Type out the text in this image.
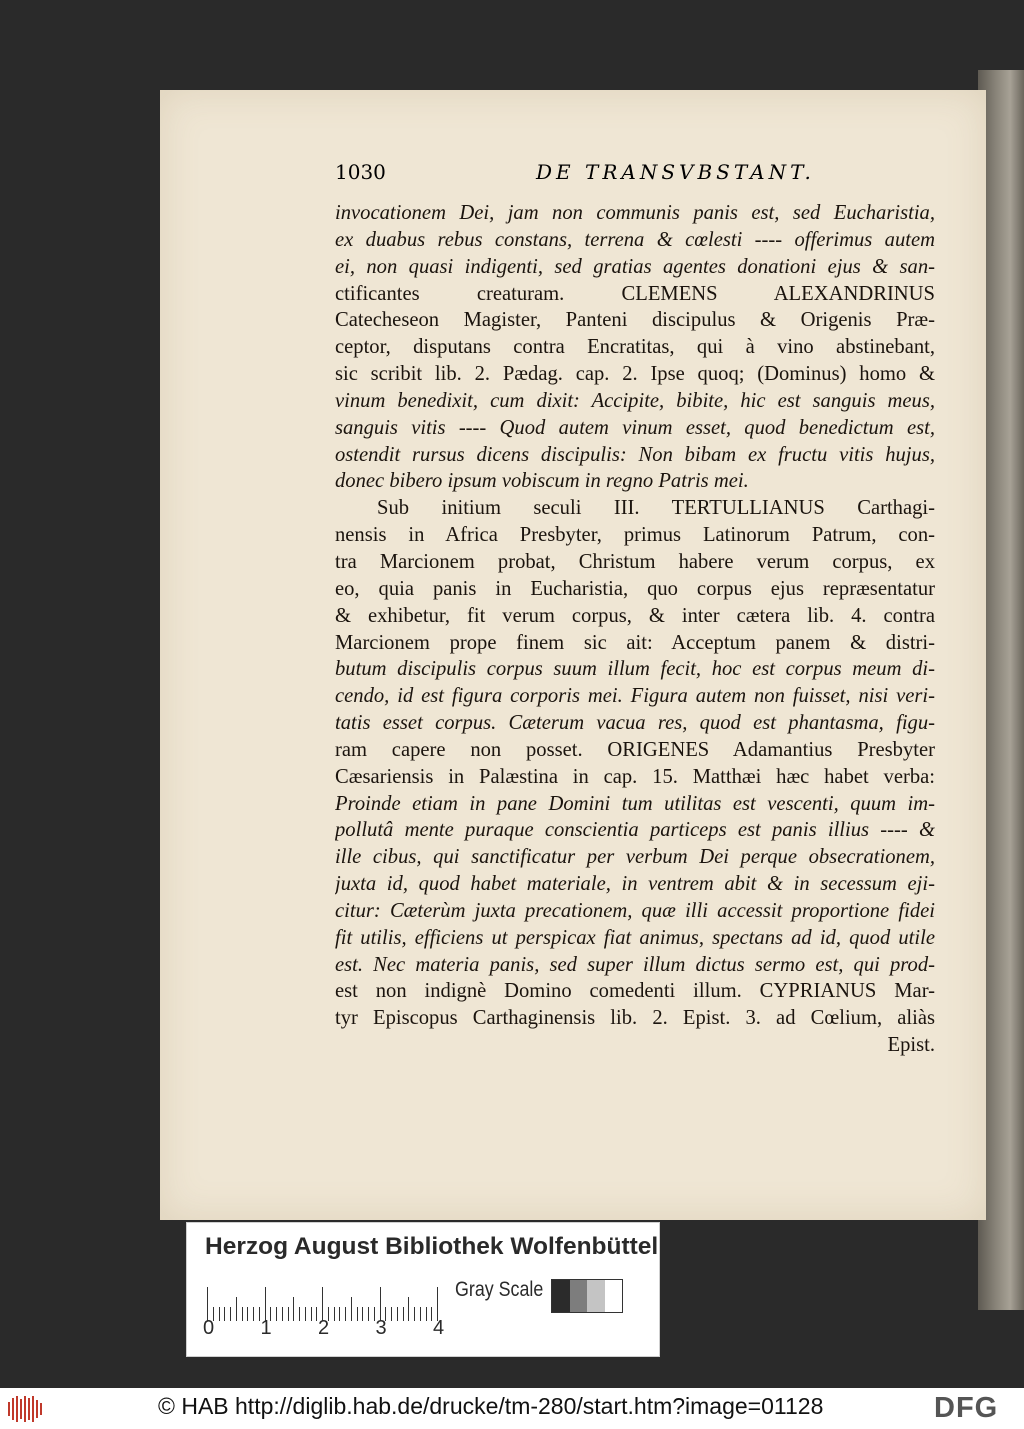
1030	DE TRANSVBSTANT.
invocationem Dei, jam non communis panis est, sed Eucharistia,
ex duabus rebus constans, terrena & cœlesti ---- offerimus autem
ei, non quasi indigenti, sed gratias agentes donationi ejus & san-
ctificantes creaturam. CLEMENS ALEXANDRINUS
Catecheseon Magister, Panteni discipulus & Origenis Præ-
ceptor, disputans contra Encratitas, qui à vino abstinebant,
sic scribit lib. 2. Pædag. cap. 2. Ipse quoq; (Dominus) homo &
vinum benedixit, cum dixit: Accipite, bibite, hic est sanguis meus,
sanguis vitis ---- Quod autem vinum esset, quod benedictum est,
ostendit rursus dicens discipulis: Non bibam ex fructu vitis hujus,
donec bibero ipsum vobiscum in regno Patris mei.
Sub initium seculi III. TERTULLIANUS Carthagi-
nensis in Africa Presbyter, primus Latinorum Patrum, con-
tra Marcionem probat, Christum habere verum corpus, ex
eo, quia panis in Eucharistia, quo corpus ejus repræsentatur
& exhibetur, fit verum corpus, & inter cætera lib. 4. contra
Marcionem prope finem sic ait: Acceptum panem & distri-
butum discipulis corpus suum illum fecit, hoc est corpus meum di-
cendo, id est figura corporis mei. Figura autem non fuisset, nisi veri-
tatis esset corpus. Cæterum vacua res, quod est phantasma, figu-
ram capere non posset. ORIGENES Adamantius Presbyter
Cæsariensis in Palæstina in cap. 15. Matthæi hæc habet verba:
Proinde etiam in pane Domini tum utilitas est vescenti, quum im-
pollutâ mente puraque conscientia particeps est panis illius ---- &
ille cibus, qui sanctificatur per verbum Dei perque obsecrationem,
juxta id, quod habet materiale, in ventrem abit & in secessum eji-
citur: Cæterùm juxta precationem, quæ illi accessit proportione fidei
fit utilis, efficiens ut perspicax fiat animus, spectans ad id, quod utile
est. Nec materia panis, sed super illum dictus sermo est, qui prod-
est non indignè Domino comedenti illum. CYPRIANUS Mar-
tyr Episcopus Carthaginensis lib. 2. Epist. 3. ad Cœlium, aliàs
Epist.
Herzog August Bibliothek Wolfenbüttel
0 1 2 3 4
Gray Scale
© HAB http://diglib.hab.de/drucke/tm-280/start.htm?image=01128	DFG
